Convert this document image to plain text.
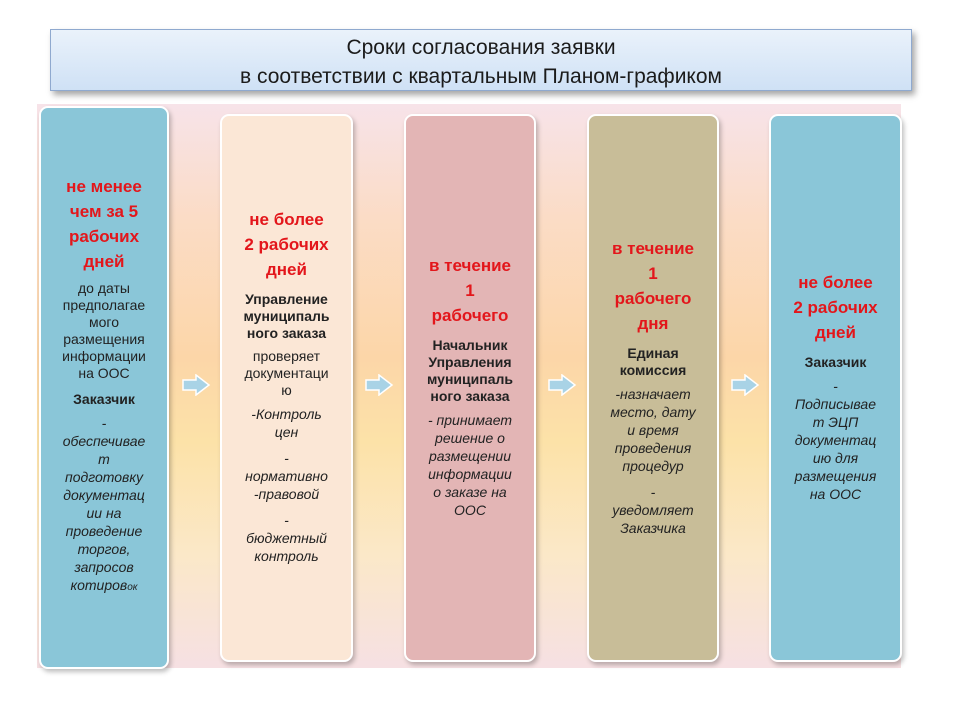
Сроки согласования заявки
в соответствии с квартальным Планом-графиком
не менее
чем за 5
рабочих
дней
до даты
предполагае
мого
размещения
информации
на ООС
Заказчик
-
обеспечивае
т
подготовку
документац
ии на
проведение
торгов,
запросов
котировок
не более
2 рабочих
дней
Управление
муниципаль
ного заказа
проверяет
документаци
ю
-Контроль
цен
-
нормативно
-правовой
-
бюджетный
контроль
в течение
1
рабочего
Начальник
Управления
муниципаль
ного заказа
- принимает
решение о
размещении
информации
о заказе на
ООС
в течение
1
рабочего
дня
Единая
комиссия
-назначает
место, дату
и время
проведения
процедур
-
уведомляет
Заказчика
не более
2 рабочих
дней
Заказчик
-
Подписывае
т ЭЦП
документац
ию для
размещения
на ООС
